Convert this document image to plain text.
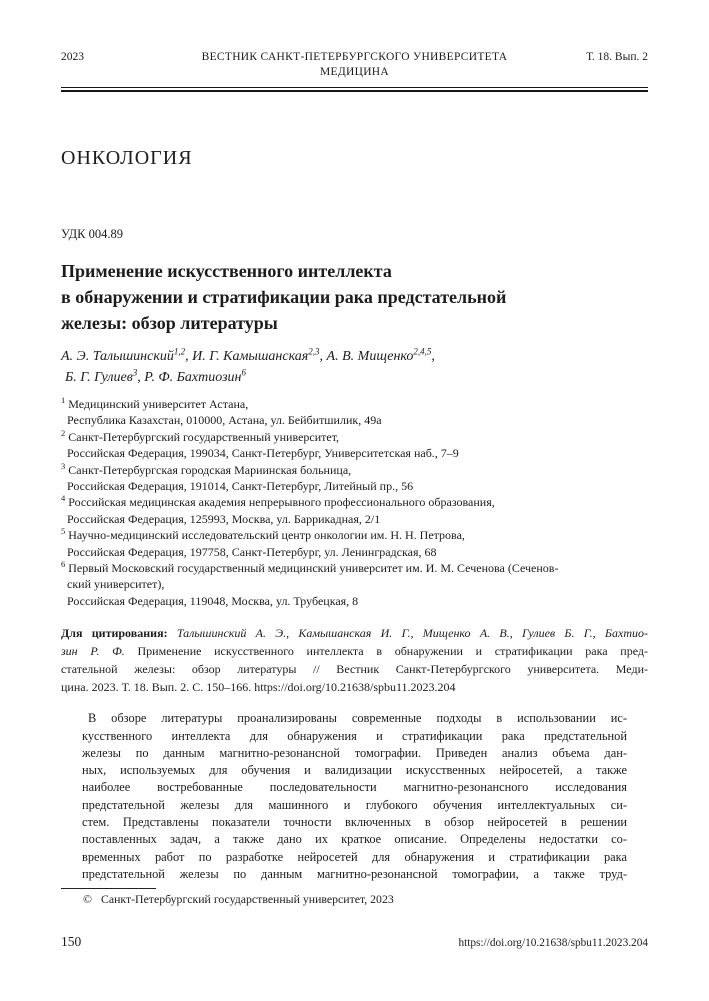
2023	ВЕСТНИК САНКТ-ПЕТЕРБУРГСКОГО УНИВЕРСИТЕТА
МЕДИЦИНА
Т. 18. Вып. 2
ОНКОЛОГИЯ
УДК 004.89
Применение искусственного интеллекта
в обнаружении и стратификации рака предстательной
железы: обзор литературы
А. Э. Талышинский$^{1,2}$, И. Г. Камышанская$^{2,3}$, А. В. Мищенко$^{2,4,5}$,
Б. Г. Гулиев$^3$, Р. Ф. Бахтиозин$^6$
$^1$ Медицинский университет Астана,
Республика Казахстан, 010000, Астана, ул. Бейбитшилик, 49а
$^2$ Санкт-Петербургский государственный университет,
Российская Федерация, 199034, Санкт-Петербург, Университетская наб., 7–9
$^3$ Санкт-Петербургская городская Мариинская больница,
Российская Федерация, 191014, Санкт-Петербург, Литейный пр., 56
$^4$ Российская медицинская академия непрерывного профессионального образования,
Российская Федерация, 125993, Москва, ул. Баррикадная, 2/1
$^5$ Научно-медицинский исследовательский центр онкологии им. Н. Н. Петрова,
Российская Федерация, 197758, Санкт-Петербург, ул. Ленинградская, 68
$^6$ Первый Московский государственный медицинский университет им. И. М. Сеченова (Сеченов-
ский университет),
Российская Федерация, 119048, Москва, ул. Трубецкая, 8
Для цитирования: Талышинский А. Э., Камышанская И. Г., Мищенко А. В., Гулиев Б. Г., Бахтио-
зин Р. Ф. Применение искусственного интеллекта в обнаружении и стратификации рака пред-
стательной железы: обзор литературы // Вестник Санкт-Петербургского университета. Меди-
цина. 2023. Т. 18. Вып. 2. С. 150–166. https://doi.org/10.21638/spbu11.2023.204
В обзоре литературы проанализированы современные подходы в использовании ис-
кусственного интеллекта для обнаружения и стратификации рака предстательной
железы по данным магнитно-резонансной томографии. Приведен анализ объема дан-
ных, используемых для обучения и валидизации искусственных нейросетей, а также
наиболее востребованные последовательности магнитно-резонансного исследования
предстательной железы для машинного и глубокого обучения интеллектуальных си-
стем. Представлены показатели точности включенных в обзор нейросетей в решении
поставленных задач, а также дано их краткое описание. Определены недостатки со-
временных работ по разработке нейросетей для обнаружения и стратификации рака
предстательной железы по данным магнитно-резонансной томографии, а также труд-
© Санкт-Петербургский государственный университет, 2023
150	https://doi.org/10.21638/spbu11.2023.204
